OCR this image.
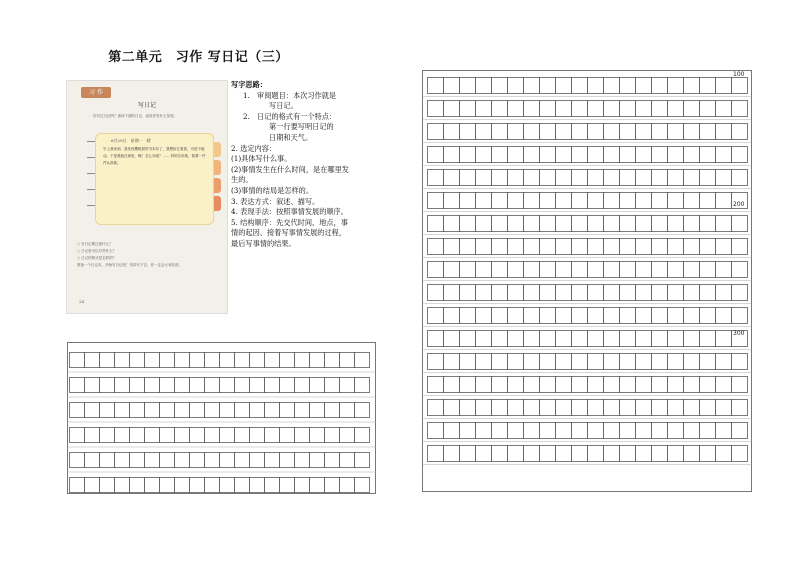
第二单元　习作 写日记（三）
习 作
写日记
你写过日记吗？请读下面的日记，说说你有什么发现。
6月20日　星期一　晴
早上我来到，我发现樱桃树的书本有了，我想拆它看看，可是不能动。于是我就在那里，哦！怎么办呢？…… 妈妈告诉我，我要一件件认真做。
○ 写日记要注意什么？
○ 日记里可以写些什么？
○ 日记的格式是怎样的？
准备一个日记本，开始写日记吧！坚持写下去，你一定会大有收获。
24

写字思路：

1.　审阅题目：本次习作就是

写日记。

2.　日记的格式有一个特点：

第一行要写明日记的

日期和天气。

2. 选定内容：

(1)具体写什么事。

(2)事情发生在什么时间，是在哪里发生的。

(3)事情的结局是怎样的。

3. 表达方式：叙述、描写。

4. 表现手法：按照事情发展的顺序。

5. 结构顺序：先交代时间、地点，事情的起因、接着写事情发展的过程，最后写事情的结果。

100
200
300
